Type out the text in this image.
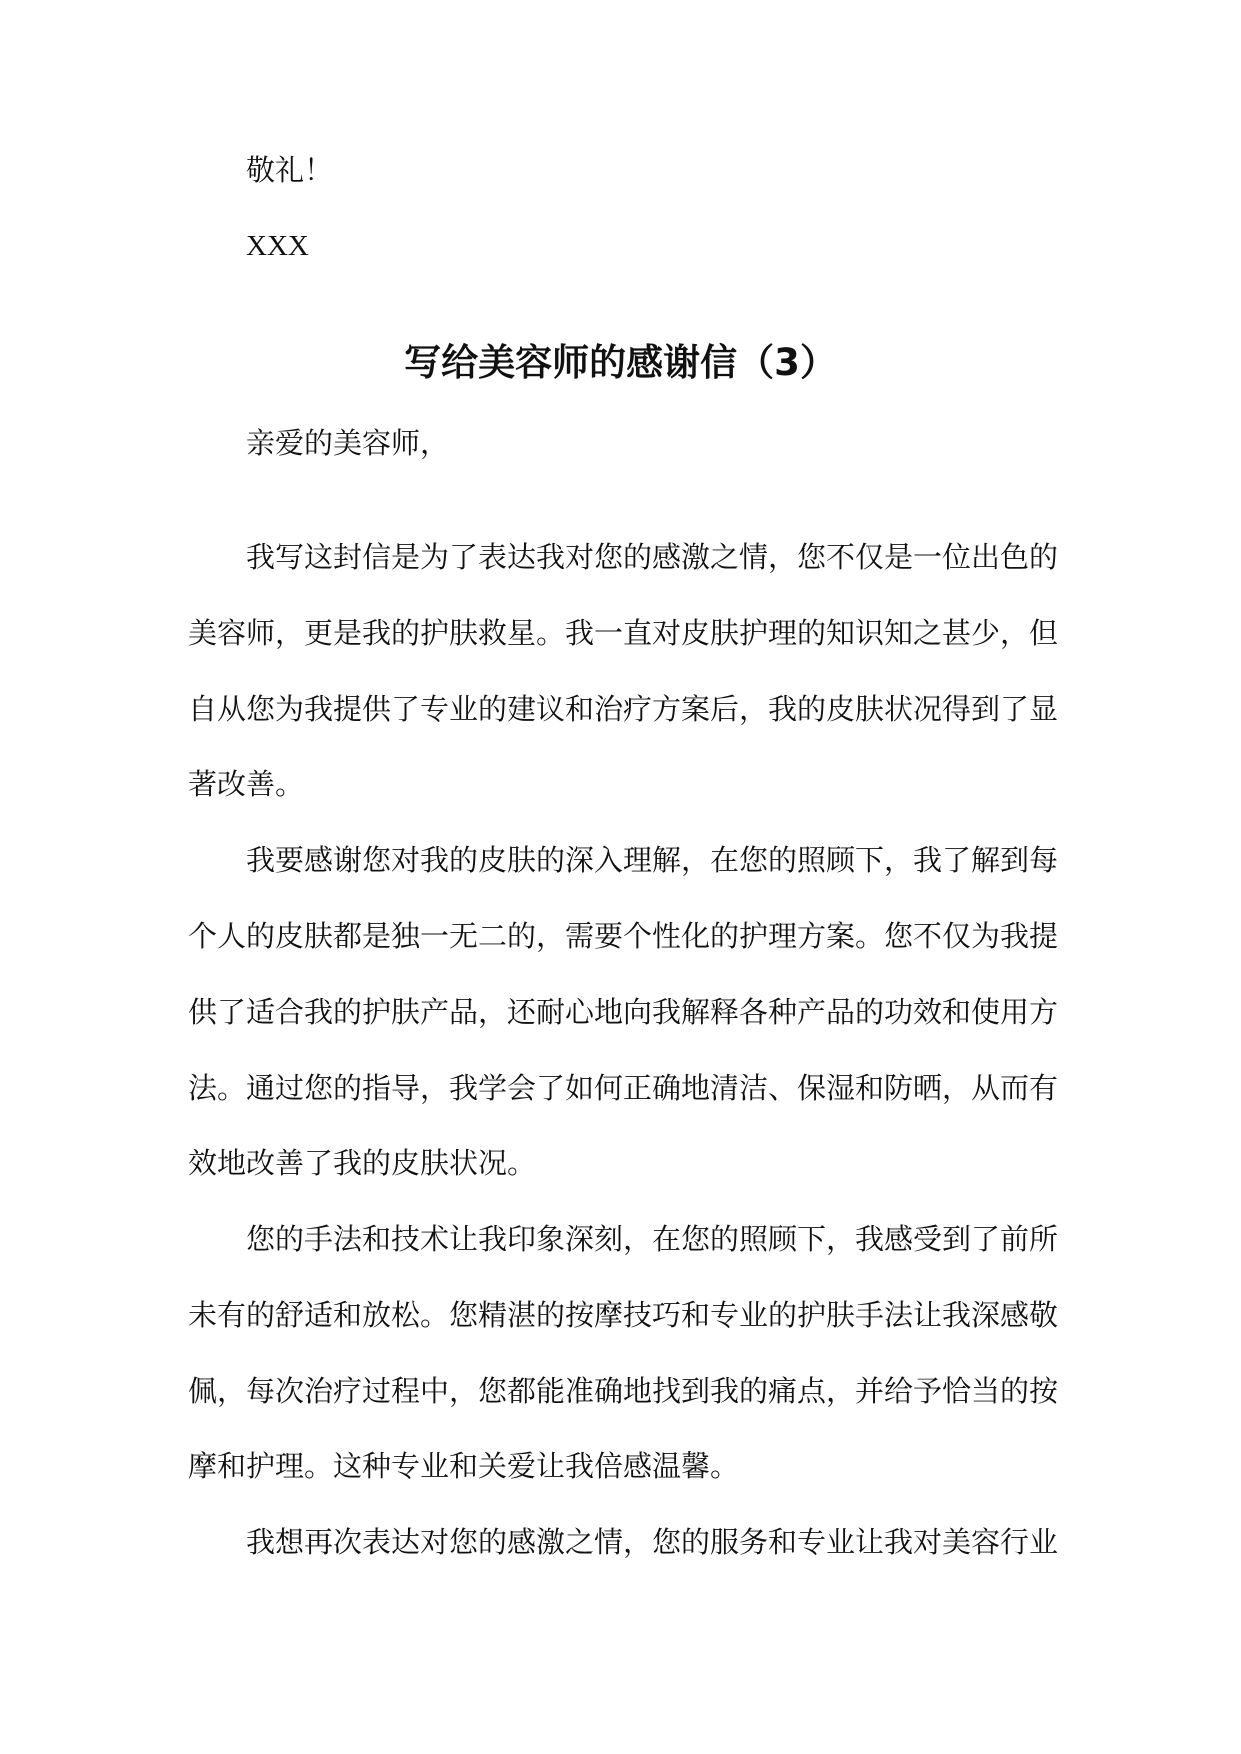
敬礼！
XXX
写给美容师的感谢信（3）
亲爱的美容师，
我写这封信是为了表达我对您的感激之情，您不仅是一位出色的
美容师，更是我的护肤救星。我一直对皮肤护理的知识知之甚少，但
自从您为我提供了专业的建议和治疗方案后，我的皮肤状况得到了显
著改善。
我要感谢您对我的皮肤的深入理解，在您的照顾下，我了解到每
个人的皮肤都是独一无二的，需要个性化的护理方案。您不仅为我提
供了适合我的护肤产品，还耐心地向我解释各种产品的功效和使用方
法。通过您的指导，我学会了如何正确地清洁、保湿和防晒，从而有
效地改善了我的皮肤状况。
您的手法和技术让我印象深刻，在您的照顾下，我感受到了前所
未有的舒适和放松。您精湛的按摩技巧和专业的护肤手法让我深感敬
佩，每次治疗过程中，您都能准确地找到我的痛点，并给予恰当的按
摩和护理。这种专业和关爱让我倍感温馨。
我想再次表达对您的感激之情，您的服务和专业让我对美容行业
